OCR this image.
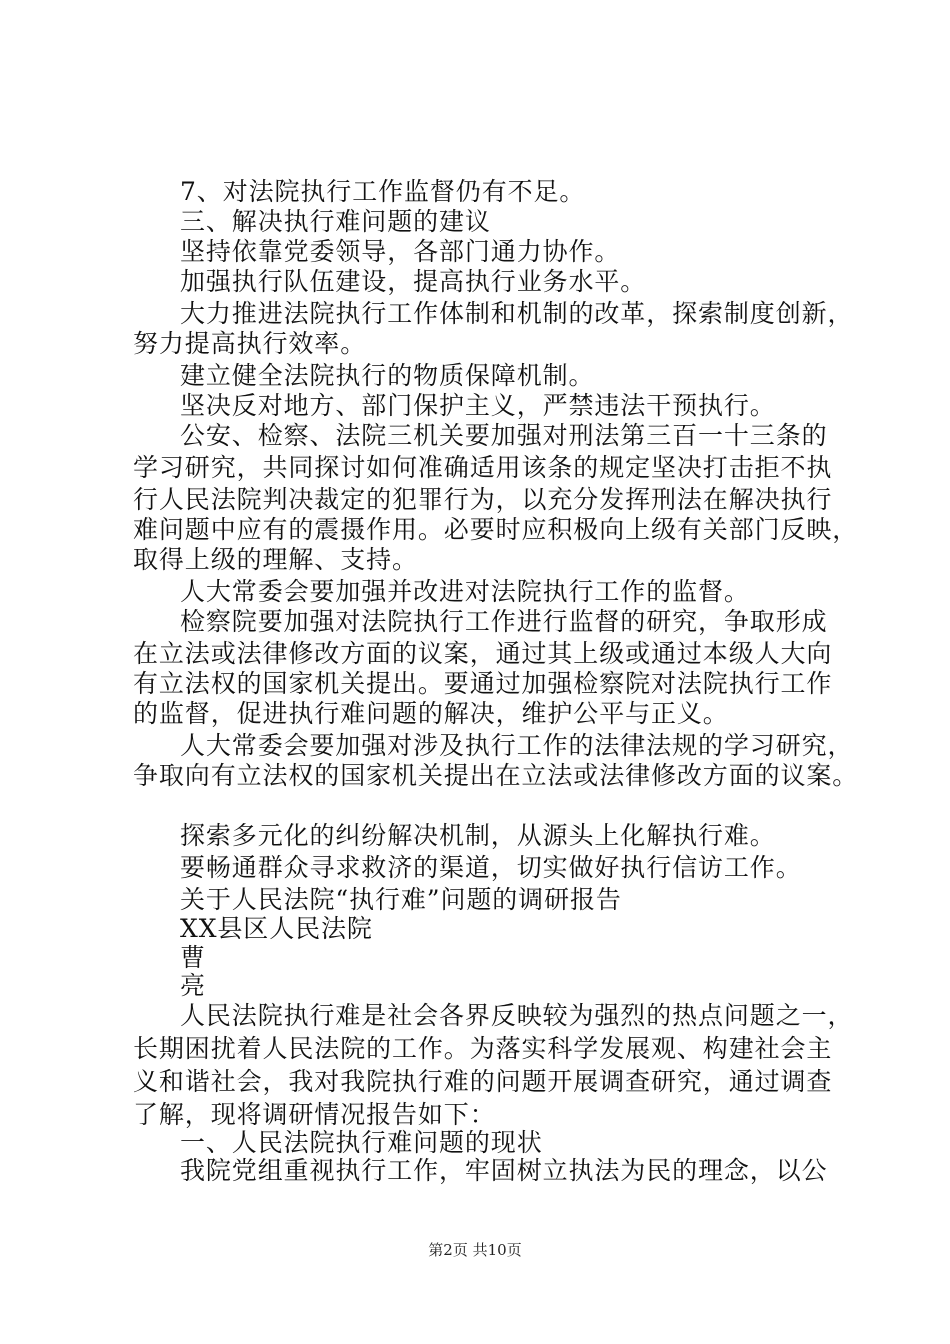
7、对法院执行工作监督仍有不足。
三、解决执行难问题的建议
坚持依靠党委领导，各部门通力协作。
加强执行队伍建设，提高执行业务水平。
大力推进法院执行工作体制和机制的改革，探索制度创新，
努力提高执行效率。
建立健全法院执行的物质保障机制。
坚决反对地方、部门保护主义，严禁违法干预执行。
公安、检察、法院三机关要加强对刑法第三百一十三条的
学习研究，共同探讨如何准确适用该条的规定坚决打击拒不执
行人民法院判决裁定的犯罪行为，以充分发挥刑法在解决执行
难问题中应有的震摄作用。必要时应积极向上级有关部门反映，
取得上级的理解、支持。
人大常委会要加强并改进对法院执行工作的监督。
检察院要加强对法院执行工作进行监督的研究，争取形成
在立法或法律修改方面的议案，通过其上级或通过本级人大向
有立法权的国家机关提出。要通过加强检察院对法院执行工作
的监督，促进执行难问题的解决，维护公平与正义。
人大常委会要加强对涉及执行工作的法律法规的学习研究，
争取向有立法权的国家机关提出在立法或法律修改方面的议案。
探索多元化的纠纷解决机制，从源头上化解执行难。
要畅通群众寻求救济的渠道，切实做好执行信访工作。
关于人民法院“执行难”问题的调研报告
XX县区人民法院
曹
亮
人民法院执行难是社会各界反映较为强烈的热点问题之一，
长期困扰着人民法院的工作。为落实科学发展观、构建社会主
义和谐社会，我对我院执行难的问题开展调查研究，通过调查
了解，现将调研情况报告如下：
一、人民法院执行难问题的现状
我院党组重视执行工作，牢固树立执法为民的理念，以公
第2页 共10页
